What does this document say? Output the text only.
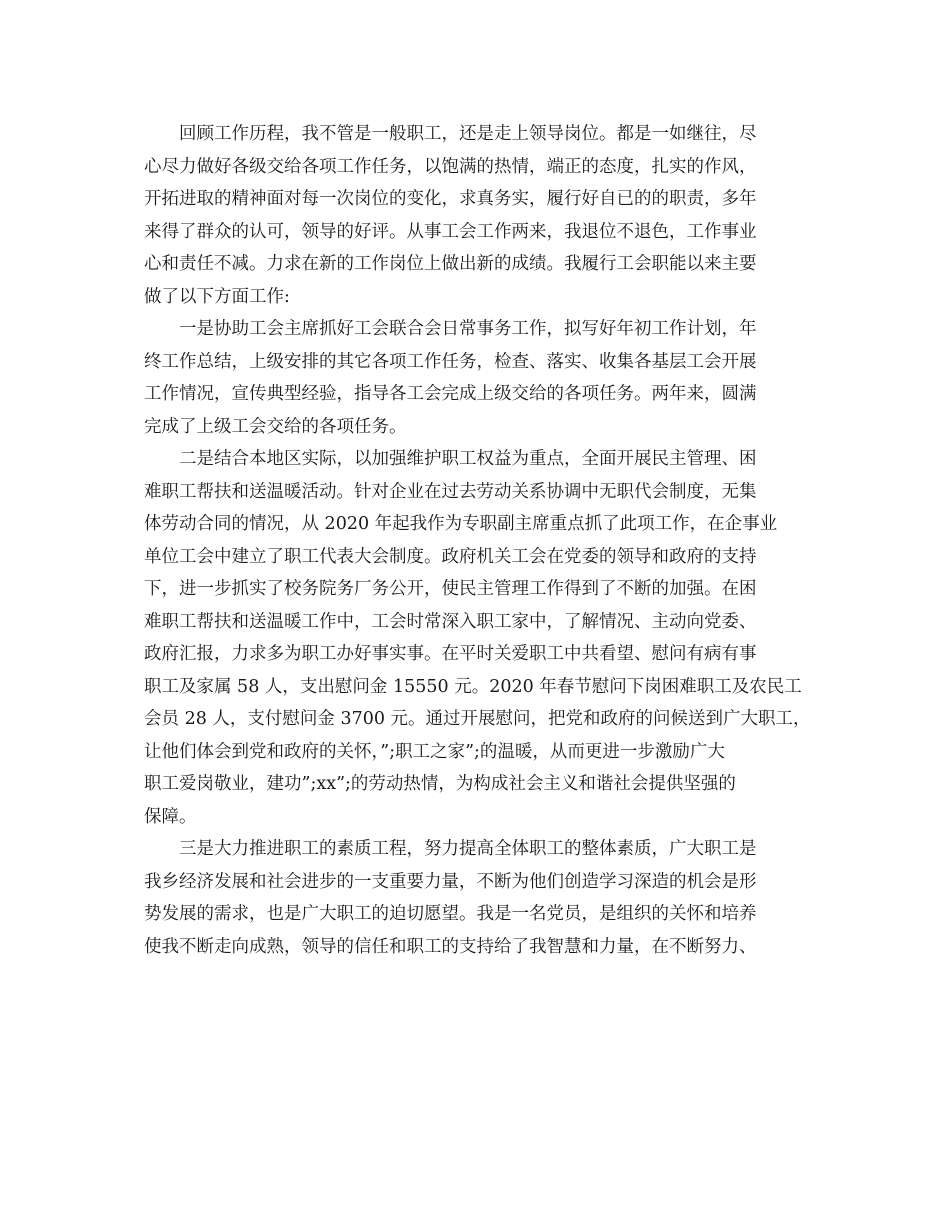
回顾工作历程，我不管是一般职工，还是走上领导岗位。都是一如继往，尽
心尽力做好各级交给各项工作任务，以饱满的热情，端正的态度，扎实的作风，
开拓进取的精神面对每一次岗位的变化，求真务实，履行好自已的的职责，多年
来得了群众的认可，领导的好评。从事工会工作两来，我退位不退色，工作事业
心和责任不减。力求在新的工作岗位上做出新的成绩。我履行工会职能以来主要
做了以下方面工作:
一是协助工会主席抓好工会联合会日常事务工作，拟写好年初工作计划，年
终工作总结，上级安排的其它各项工作任务，检查、落实、收集各基层工会开展
工作情况，宣传典型经验，指导各工会完成上级交给的各项任务。两年来，圆满
完成了上级工会交给的各项任务。
二是结合本地区实际，以加强维护职工权益为重点，全面开展民主管理、困
难职工帮扶和送温暖活动。针对企业在过去劳动关系协调中无职代会制度，无集
体劳动合同的情况，从 2020 年起我作为专职副主席重点抓了此项工作，在企事业
单位工会中建立了职工代表大会制度。政府机关工会在党委的领导和政府的支持
下，进一步抓实了校务院务厂务公开，使民主管理工作得到了不断的加强。在困
难职工帮扶和送温暖工作中，工会时常深入职工家中，了解情况、主动向党委、
政府汇报，力求多为职工办好事实事。在平时关爱职工中共看望、慰问有病有事
职工及家属 58 人，支出慰问金 15550 元。2020 年春节慰问下岗困难职工及农民工
会员 28 人，支付慰问金 3700 元。通过开展慰问，把党和政府的问候送到广大职工，
让他们体会到党和政府的关怀，”;职工之家”;的温暖，从而更进一步激励广大
职工爱岗敬业，建功”;xx”;的劳动热情，为构成社会主义和谐社会提供坚强的
保障。
三是大力推进职工的素质工程，努力提高全体职工的整体素质，广大职工是
我乡经济发展和社会进步的一支重要力量，不断为他们创造学习深造的机会是形
势发展的需求，也是广大职工的迫切愿望。我是一名党员，是组织的关怀和培养
使我不断走向成熟，领导的信任和职工的支持给了我智慧和力量，在不断努力、
